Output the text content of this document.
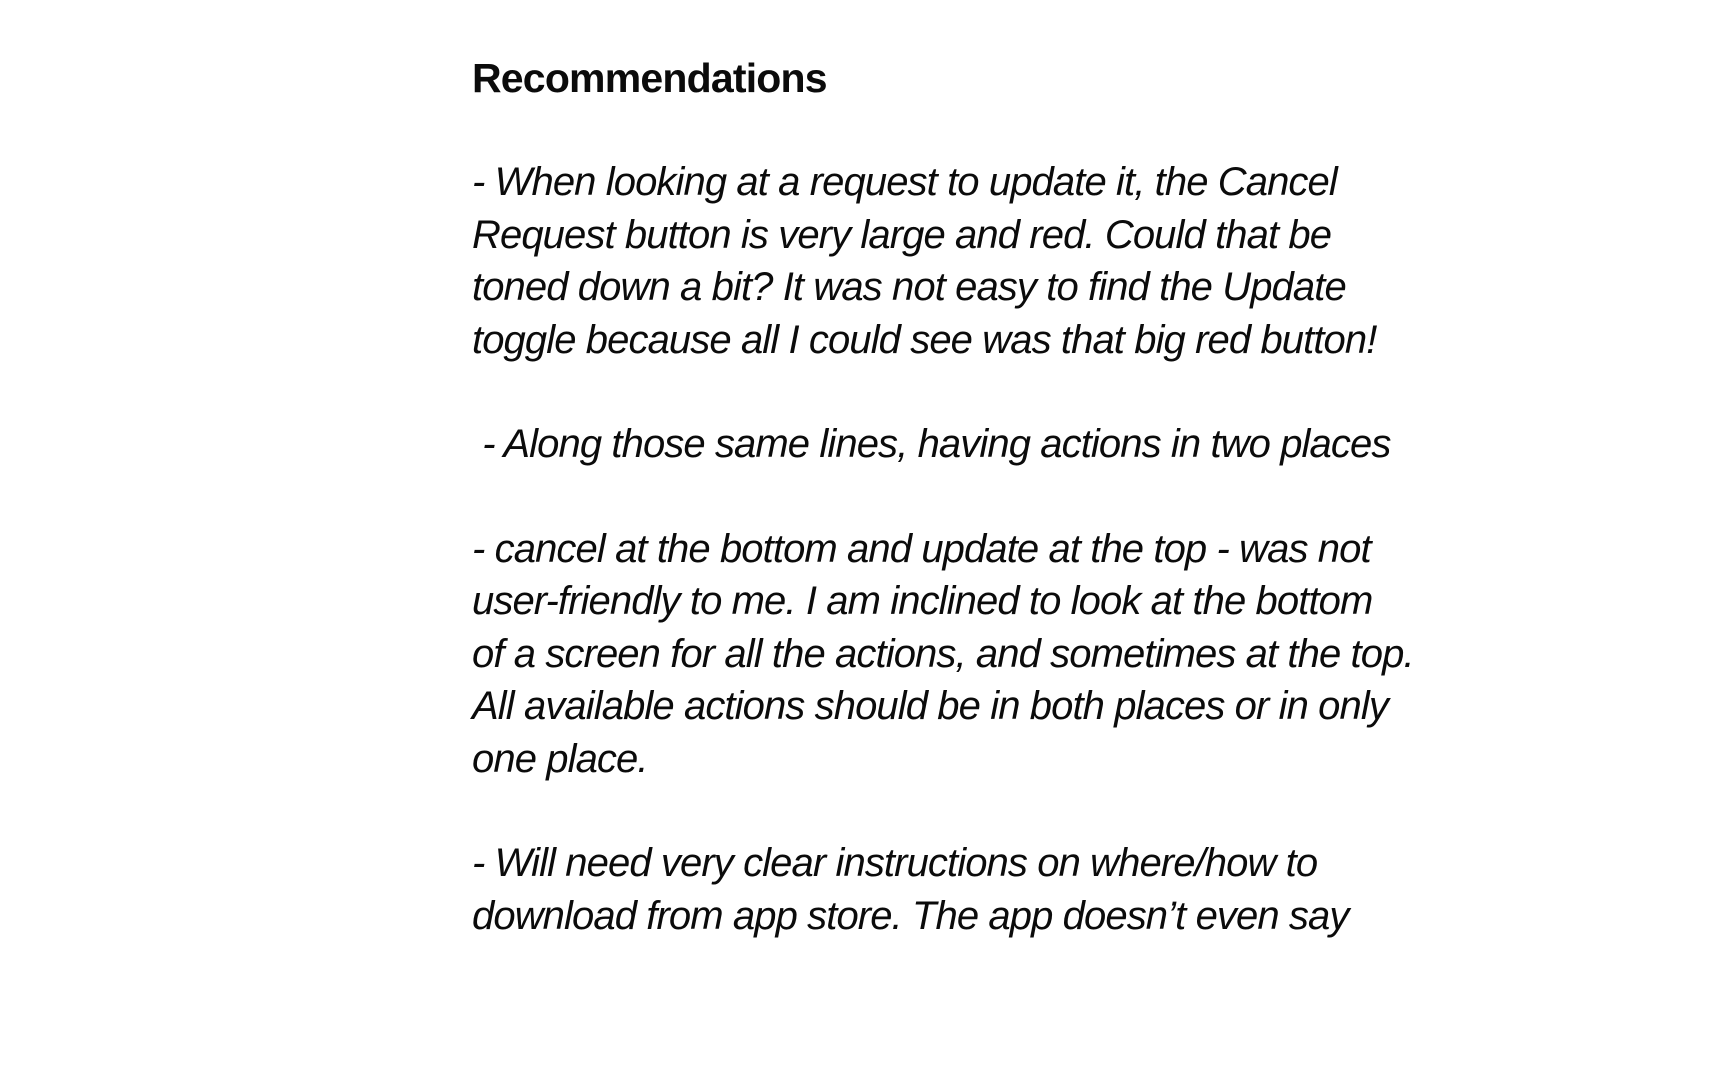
Recommendations

- When looking at a request to update it, the Cancel
Request button is very large and red. Could that be
toned down a bit? It was not easy to find the Update
toggle because all I could see was that big red button!

- Along those same lines, having actions in two places

- cancel at the bottom and update at the top - was not
user-friendly to me. I am inclined to look at the bottom
of a screen for all the actions, and sometimes at the top.
All available actions should be in both places or in only
one place.

- Will need very clear instructions on where/how to
download from app store. The app doesn’t even say
